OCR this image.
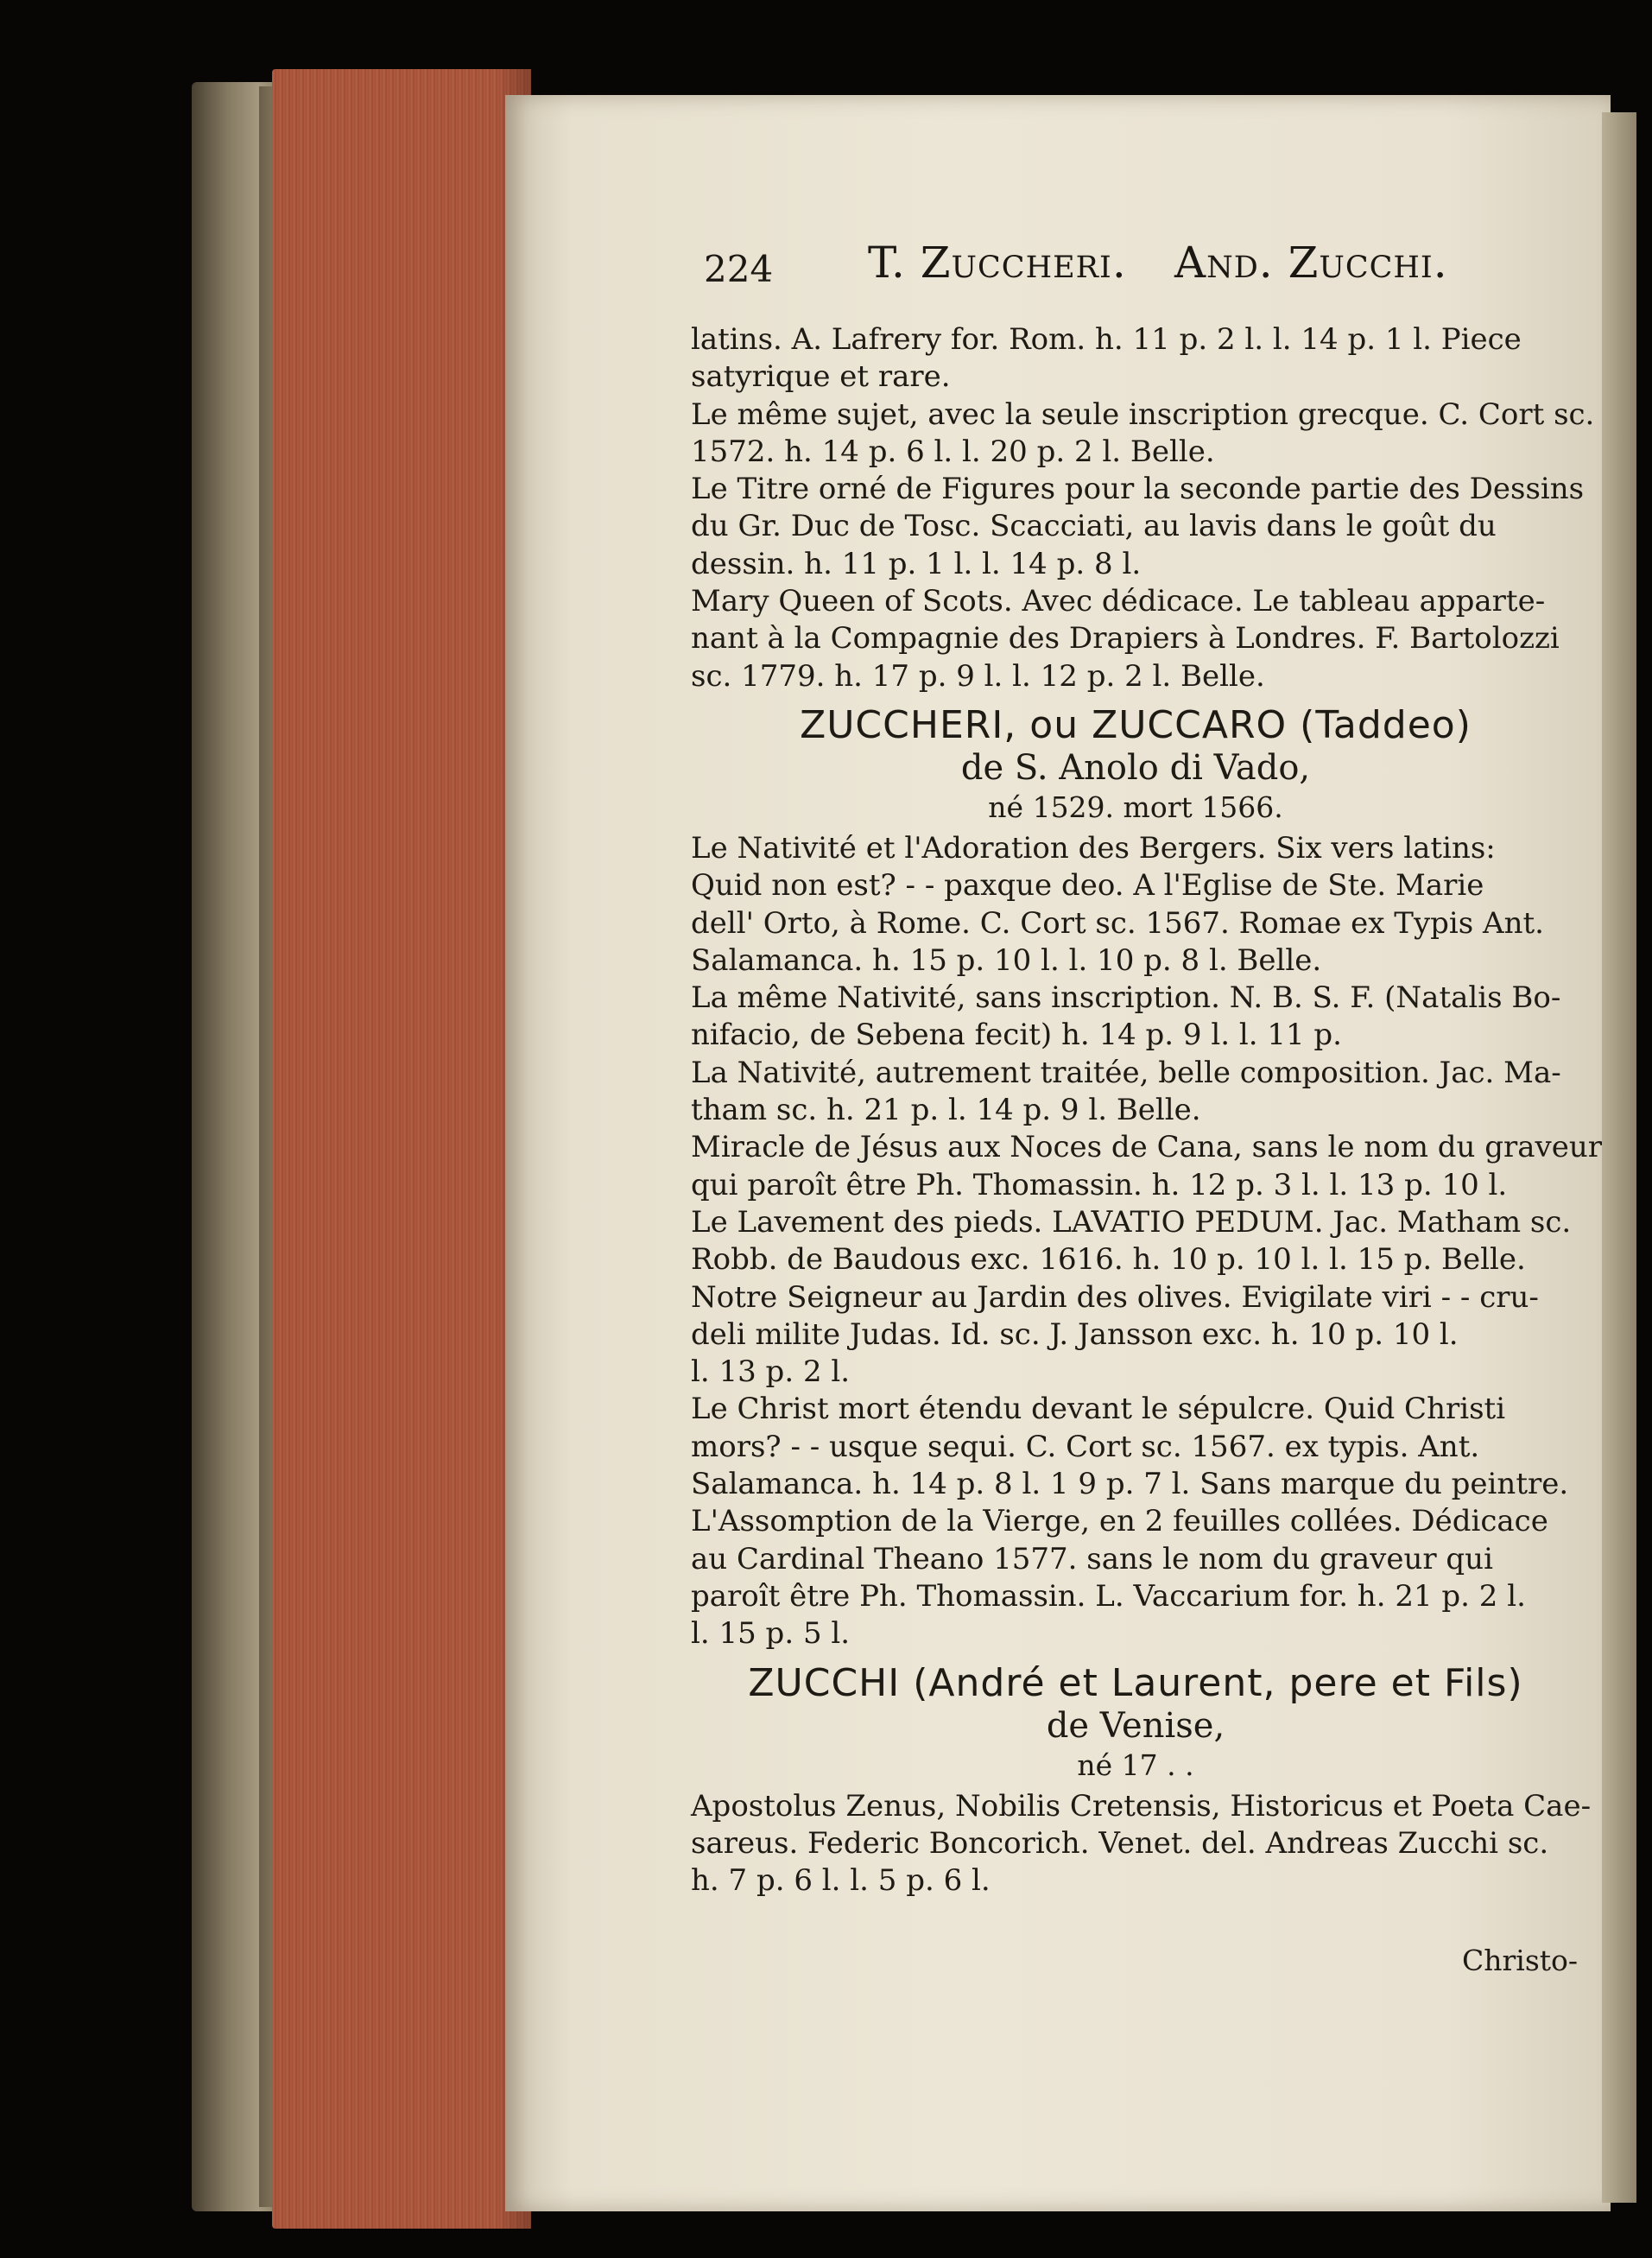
224 T. Zuccheri. And. Zucchi.

latins. A. Lafrery for. Rom. h. 11 p. 2 l. l. 14 p. 1 l. Piece
satyrique et rare.

Le même sujet, avec la seule inscription grecque. C. Cort sc.
1572. h. 14 p. 6 l. l. 20 p. 2 l. Belle.

Le Titre orné de Figures pour la seconde partie des Dessins
du Gr. Duc de Tosc. Scacciati, au lavis dans le goût du
dessin. h. 11 p. 1 l. l. 14 p. 8 l.

Mary Queen of Scots. Avec dédicace. Le tableau apparte-
nant à la Compagnie des Drapiers à Londres. F. Bartolozzi
sc. 1779. h. 17 p. 9 l. l. 12 p. 2 l. Belle.

ZUCCHERI, ou ZUCCARO (Taddeo)

de S. Anolo di Vado,

né 1529. mort 1566.

Le Nativité et l'Adoration des Bergers. Six vers latins:
Quid non est? - - paxque deo. A l'Eglise de Ste. Marie
dell' Orto, à Rome. C. Cort sc. 1567. Romae ex Typis Ant.
Salamanca. h. 15 p. 10 l. l. 10 p. 8 l. Belle.

La même Nativité, sans inscription. N. B. S. F. (Natalis Bo-
nifacio, de Sebena fecit) h. 14 p. 9 l. l. 11 p.

La Nativité, autrement traitée, belle composition. Jac. Ma-
tham sc. h. 21 p. l. 14 p. 9 l. Belle.

Miracle de Jésus aux Noces de Cana, sans le nom du graveur
qui paroît être Ph. Thomassin. h. 12 p. 3 l. l. 13 p. 10 l.

Le Lavement des pieds. LAVATIO PEDUM. Jac. Matham sc.
Robb. de Baudous exc. 1616. h. 10 p. 10 l. l. 15 p. Belle.

Notre Seigneur au Jardin des olives. Evigilate viri - - cru-
deli milite Judas. Id. sc. J. Jansson exc. h. 10 p. 10 l.
l. 13 p. 2 l.

Le Christ mort étendu devant le sépulcre. Quid Christi
mors? - - usque sequi. C. Cort sc. 1567. ex typis. Ant.
Salamanca. h. 14 p. 8 l. 1 9 p. 7 l. Sans marque du peintre.

L'Assomption de la Vierge, en 2 feuilles collées. Dédicace
au Cardinal Theano 1577. sans le nom du graveur qui
paroît être Ph. Thomassin. L. Vaccarium for. h. 21 p. 2 l.
l. 15 p. 5 l.

ZUCCHI (André et Laurent, pere et Fils)

de Venise,

né 17 . .

Apostolus Zenus, Nobilis Cretensis, Historicus et Poeta Cae-
sareus. Federic Boncorich. Venet. del. Andreas Zucchi sc.
h. 7 p. 6 l. l. 5 p. 6 l.

Christo-
